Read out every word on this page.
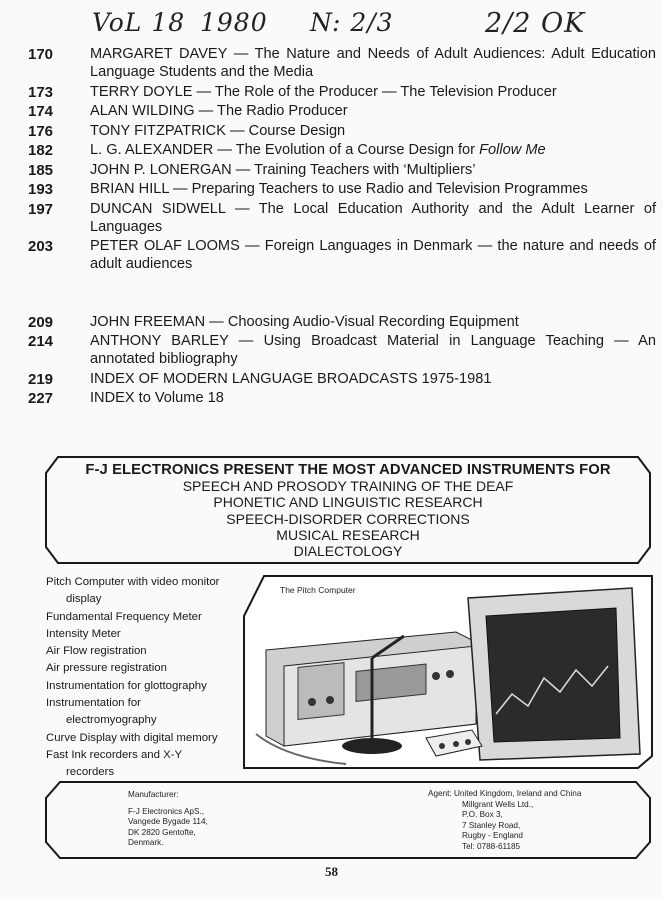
VoL 18 1980 N: 2/3	2/2 OK
170	MARGARET DAVEY — The Nature and Needs of Adult Audiences: Adult Education Language Students and the Media
173	TERRY DOYLE — The Role of the Producer — The Television Producer
174	ALAN WILDING — The Radio Producer
176	TONY FITZPATRICK — Course Design
182	L. G. ALEXANDER — The Evolution of a Course Design for Follow Me
185	JOHN P. LONERGAN — Training Teachers with ‘Multipliers’
193	BRIAN HILL — Preparing Teachers to use Radio and Television Programmes
197	DUNCAN SIDWELL — The Local Education Authority and the Adult Learner of Languages
203	PETER OLAF LOOMS — Foreign Languages in Denmark — the nature and needs of adult audiences
209	JOHN FREEMAN — Choosing Audio-Visual Recording Equipment
214	ANTHONY BARLEY — Using Broadcast Material in Language Teaching — An annotated bibliography
219	INDEX OF MODERN LANGUAGE BROADCASTS 1975-1981
227	INDEX to Volume 18
F-J ELECTRONICS PRESENT THE MOST ADVANCED INSTRUMENTS FOR
SPEECH AND PROSODY TRAINING OF THE DEAF
PHONETIC AND LINGUISTIC RESEARCH
SPEECH-DISORDER CORRECTIONS
MUSICAL RESEARCH
DIALECTOLOGY
Pitch Computer with video monitor
display
Fundamental Frequency Meter
Intensity Meter
Air Flow registration
Air pressure registration
Instrumentation for glottography
Instrumentation for
electromyography
Curve Display with digital memory
Fast Ink recorders and X-Y
recorders
The Pitch Computer
Manufacturer:
F-J Electronics ApS.,
Vangede Bygade 114,
DK 2820 Gentofte,
Denmark.
Agent: United Kingdom, Ireland and China
Millgrant Wells Ltd.,
P.O. Box 3,
7 Stanley Road,
Rugby - England
Tel: 0788-61185
58
